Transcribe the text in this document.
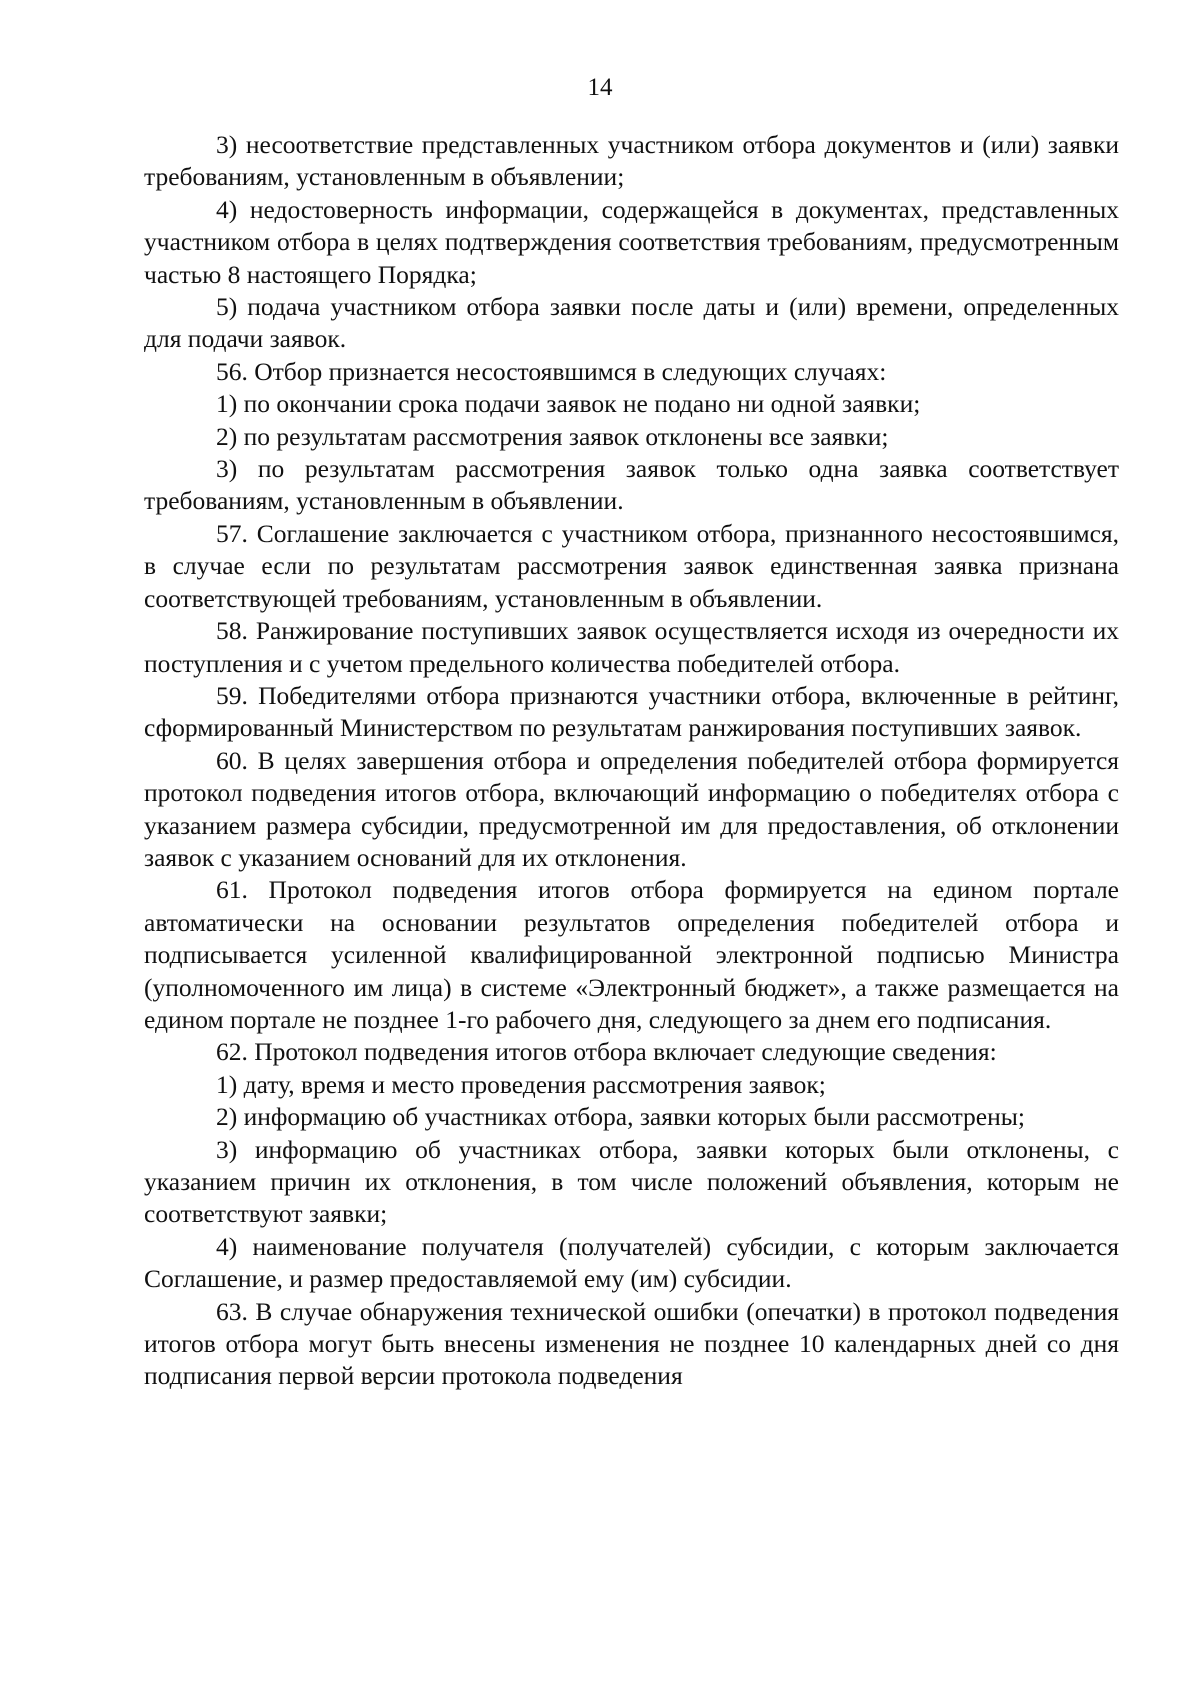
14

3) несоответствие представленных участником отбора документов и (или) заявки требованиям, установленным в объявлении;

4) недостоверность информации, содержащейся в документах, представленных участником отбора в целях подтверждения соответствия требованиям, предусмотренным частью 8 настоящего Порядка;

5) подача участником отбора заявки после даты и (или) времени, определенных для подачи заявок.

56. Отбор признается несостоявшимся в следующих случаях:

1) по окончании срока подачи заявок не подано ни одной заявки;

2) по результатам рассмотрения заявок отклонены все заявки;

3) по результатам рассмотрения заявок только одна заявка соответствует требованиям, установленным в объявлении.

57. Соглашение заключается с участником отбора, признанного несостоявшимся, в случае если по результатам рассмотрения заявок единственная заявка признана соответствующей требованиям, установленным в объявлении.

58. Ранжирование поступивших заявок осуществляется исходя из очередности их поступления и с учетом предельного количества победителей отбора.

59. Победителями отбора признаются участники отбора, включенные в рейтинг, сформированный Министерством по результатам ранжирования поступивших заявок.

60. В целях завершения отбора и определения победителей отбора формируется протокол подведения итогов отбора, включающий информацию о победителях отбора с указанием размера субсидии, предусмотренной им для предоставления, об отклонении заявок с указанием оснований для их отклонения.

61. Протокол подведения итогов отбора формируется на едином портале автоматически на основании результатов определения победителей отбора и подписывается усиленной квалифицированной электронной подписью Министра (уполномоченного им лица) в системе «Электронный бюджет», а также размещается на едином портале не позднее 1-го рабочего дня, следующего за днем его подписания.

62. Протокол подведения итогов отбора включает следующие сведения:

1) дату, время и место проведения рассмотрения заявок;

2) информацию об участниках отбора, заявки которых были рассмотрены;

3) информацию об участниках отбора, заявки которых были отклонены, с указанием причин их отклонения, в том числе положений объявления, которым не соответствуют заявки;

4) наименование получателя (получателей) субсидии, с которым заключается Соглашение, и размер предоставляемой ему (им) субсидии.

63. В случае обнаружения технической ошибки (опечатки) в протокол подведения итогов отбора могут быть внесены изменения не позднее 10 календарных дней со дня подписания первой версии протокола подведения
